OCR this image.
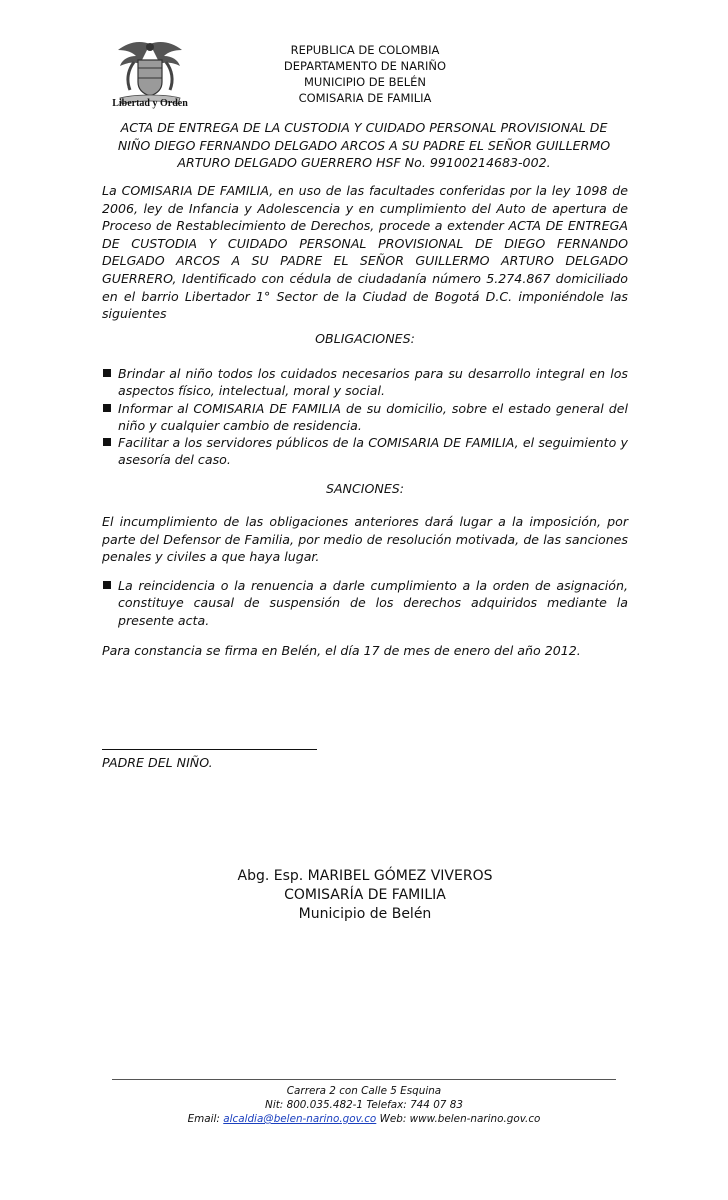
Libertad y Orden
REPUBLICA DE COLOMBIA
DEPARTAMENTO DE NARIÑO
MUNICIPIO DE BELÉN
COMISARIA DE FAMILIA
ACTA DE ENTREGA DE LA CUSTODIA Y CUIDADO PERSONAL PROVISIONAL DE
NIÑO DIEGO FERNANDO DELGADO ARCOS A SU PADRE EL SEÑOR GUILLERMO
ARTURO DELGADO GUERRERO HSF No. 99100214683-002.

La COMISARIA DE FAMILIA, en uso de las facultades conferidas por la ley 1098 de 2006, ley de Infancia y Adolescencia y en cumplimiento del Auto de apertura de Proceso de Restablecimiento de Derechos, procede a extender ACTA DE ENTREGA DE CUSTODIA Y CUIDADO PERSONAL PROVISIONAL DE DIEGO FERNANDO DELGADO ARCOS A SU PADRE EL SEÑOR GUILLERMO ARTURO DELGADO GUERRERO, Identificado con cédula de ciudadanía número 5.274.867 domiciliado en el barrio Libertador 1° Sector de la Ciudad de Bogotá D.C. imponiéndole las siguientes

OBLIGACIONES:
Brindar al niño todos los cuidados necesarios para su desarrollo integral en los aspectos físico, intelectual, moral y social.
Informar al COMISARIA DE FAMILIA de su domicilio, sobre el estado general del niño y cualquier cambio de residencia.
Facilitar a los servidores públicos de la COMISARIA DE FAMILIA, el seguimiento y asesoría del caso.
SANCIONES:

El incumplimiento de las obligaciones anteriores dará lugar a la imposición, por parte del Defensor de Familia, por medio de resolución motivada, de las sanciones penales y civiles a que haya lugar.

La reincidencia o la renuencia a darle cumplimiento a la orden de asignación, constituye causal de suspensión de los derechos adquiridos mediante la presente acta.

Para constancia se firma en Belén, el día 17 de mes de enero del año 2012.

PADRE DEL NIÑO.
Abg. Esp. MARIBEL GÓMEZ VIVEROS
COMISARÍA DE FAMILIA
Municipio de Belén
Carrera 2 con Calle 5 Esquina
Nit: 800.035.482-1 Telefax: 744 07 83
Email: alcaldia@belen-narino.gov.co Web: www.belen-narino.gov.co
